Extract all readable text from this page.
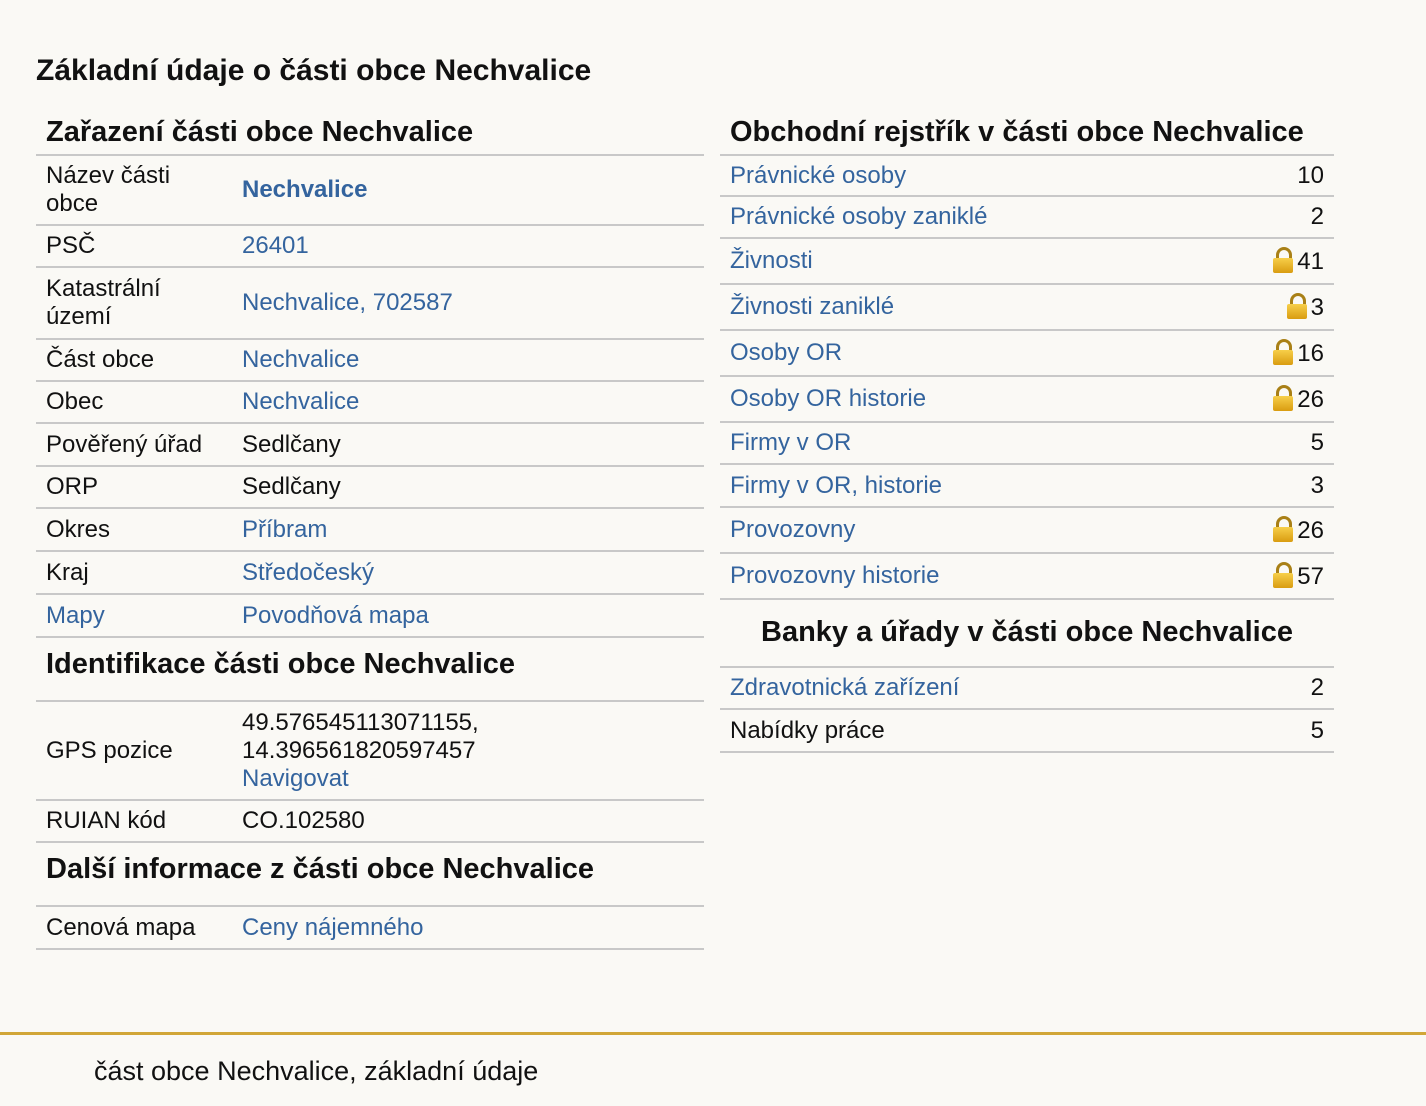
Základní údaje o části obce Nechvalice
Zařazení části obce Nechvalice
Název části obce	Nechvalice
PSČ	26401
Katastrální území	Nechvalice, 702587
Část obce	Nechvalice
Obec	Nechvalice
Pověřený úřad	Sedlčany
ORP	Sedlčany
Okres	Příbram
Kraj	Středočeský
Mapy	Povodňová mapa
Identifikace části obce Nechvalice
GPS pozice	49.576545113071155,
14.396561820597457
Navigovat
RUIAN kód	CO.102580
Další informace z části obce Nechvalice
Cenová mapa	Ceny nájemného
Obchodní rejstřík v části obce Nechvalice
Právnické osoby	10
Právnické osoby zaniklé	2
Živnosti	41
Živnosti zaniklé	3
Osoby OR	16
Osoby OR historie	26
Firmy v OR	5
Firmy v OR, historie	3
Provozovny	26
Provozovny historie	57
Banky a úřady v části obce Nechvalice
Zdravotnická zařízení	2
Nabídky práce	5
část obce Nechvalice, základní údaje
